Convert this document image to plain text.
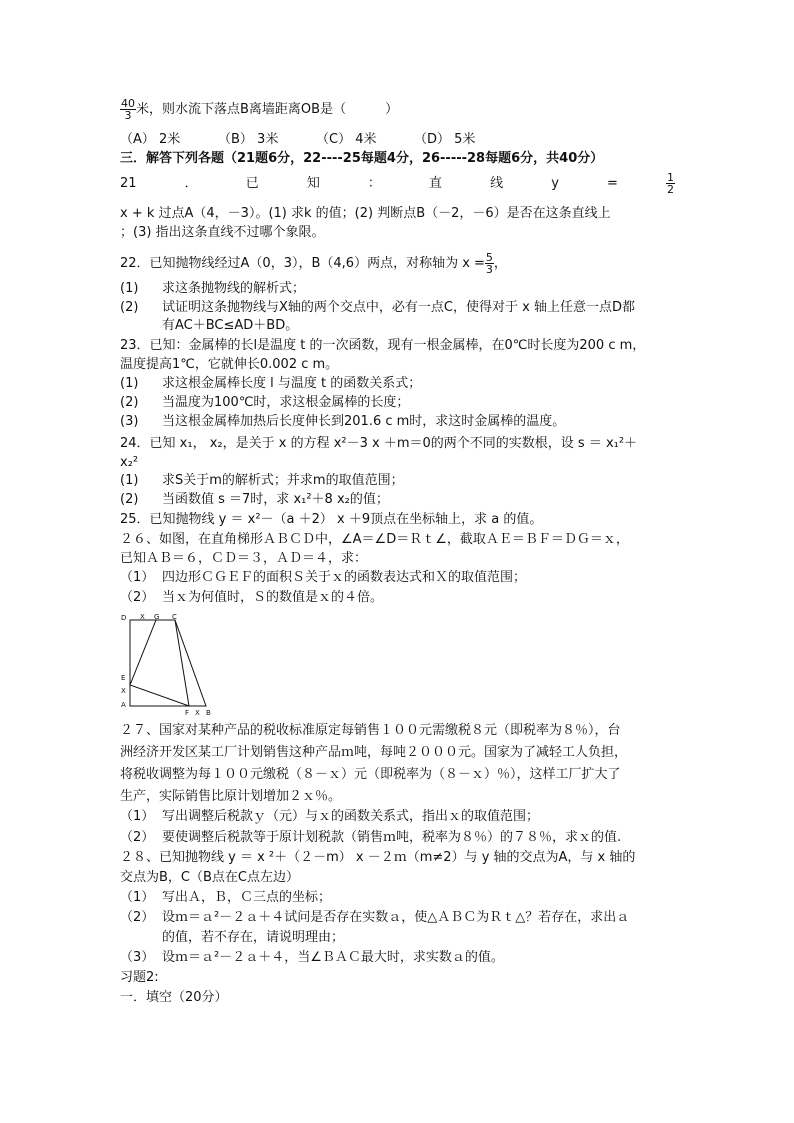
$\frac{40}{3}$ 米，则水流下落点B离墙距离OB是（　　　）
（A） 2米	（B） 3米	（C） 4米	（D） 5米
三．解答下列各题（21题6分，22----25每题4分，26-----28每题6分，共40分）
21	．	已	知	：	直	线	y	=	$\frac{1}{2}$
x + k 过点A（4，－3）。(1) 求k 的值；(2) 判断点B（－2，－6）是否在这条直线上
；(3) 指出这条直线不过哪个象限。
22．已知抛物线经过A（0，3），B（4,6）两点，对称轴为 $x = \frac{5}{3}$ ，
(1) 求这条抛物线的解析式；
(2) 试证明这条抛物线与X轴的两个交点中，必有一点C，使得对于 x 轴上任意一点D都
有AC＋BC≤AD＋BD。
23．已知：金属棒的长l是温度 t 的一次函数，现有一根金属棒，在0℃时长度为200 c m，
温度提高1℃，它就伸长0.002 c m。
(1) 求这根金属棒长度 l 与温度 t 的函数关系式；
(2) 当温度为100℃时，求这根金属棒的长度；
(3) 当这根金属棒加热后长度伸长到201.6 c m时，求这时金属棒的温度。
24．已知 x₁， x₂，是关于 x 的方程 x²－3 x ＋m＝0的两个不同的实数根，设 s ＝ x₁²＋
x₂²
(1) 求S关于m的解析式；并求m的取值范围；
(2) 当函数值 s ＝7时，求 x₁²＋8 x₂的值；
25．已知抛物线 y ＝ x²－（a ＋2） x ＋9顶点在坐标轴上，求 a 的值。
２６、如图，在直角梯形ＡＢＣＤ中，∠A＝∠D＝Ｒｔ∠，截取ＡＥ＝ＢＦ＝ＤＧ＝ｘ，
已知ＡＢ＝６，ＣＤ＝３，ＡＤ＝４，求：
（1） 四边形ＣＧＥＦ的面积Ｓ关于ｘ的函数表达式和Ｘ的取值范围；
（2） 当ｘ为何值时，Ｓ的数值是ｘ的４倍。
D X G C
E
X
A
F X B
２７、国家对某种产品的税收标准原定每销售１００元需缴税８元（即税率为８％），台
洲经济开发区某工厂计划销售这种产品ｍ吨，每吨２０００元。国家为了减轻工人负担，
将税收调整为每１００元缴税（８－ｘ）元（即税率为（８－ｘ）％），这样工厂扩大了
生产，实际销售比原计划增加２ｘ％。
（1） 写出调整后税款ｙ（元）与ｘ的函数关系式，指出ｘ的取值范围；
（2） 要使调整后税款等于原计划税款（销售ｍ吨，税率为８％）的７８％，求ｘ的值.
２８、已知抛物线 y ＝ x ²＋（２－m） x －２ｍ（m≠2）与 y 轴的交点为A，与 x 轴的
交点为B，C（B点在C点左边）
（1） 写出Ａ，Ｂ，Ｃ三点的坐标；
（2） 设ｍ＝ａ²－２ａ＋４试问是否存在实数ａ，使△ＡＢＣ为Ｒｔ△？若存在，求出ａ
的值，若不存在，请说明理由；
（3） 设ｍ＝ａ²－２ａ＋４，当∠ＢＡＣ最大时，求实数ａ的值。
习题2:
一．填空（20分）
